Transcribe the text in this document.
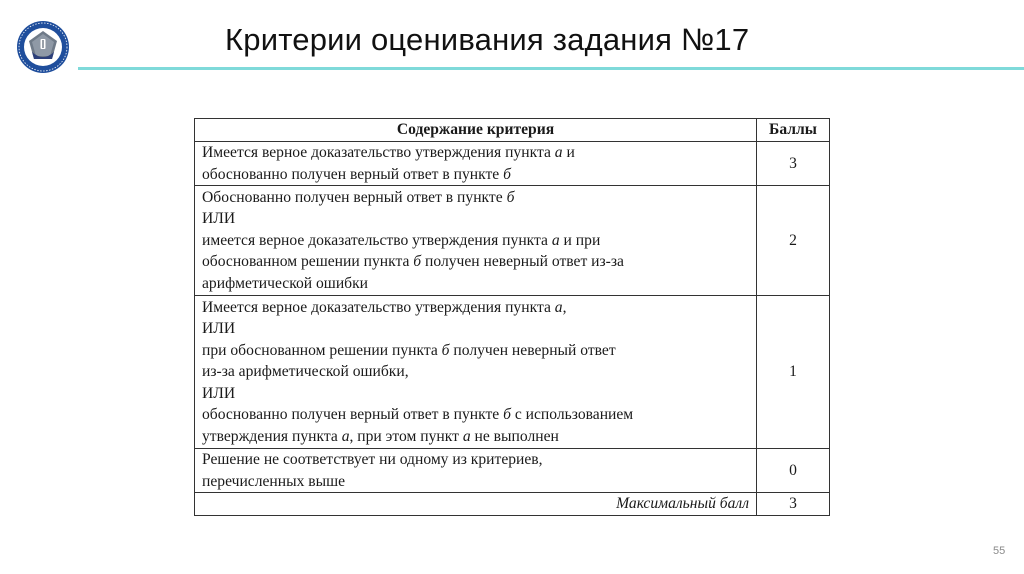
Критерии оценивания задания №17
Содержание критерия	Баллы

Имеется верное доказательство утверждения пункта а и
обоснованно получен верный ответ в пункте б	3

Обоснованно получен верный ответ в пункте б
ИЛИ
имеется верное доказательство утверждения пункта а и при
обоснованном решении пункта б получен неверный ответ из-за
арифметической ошибки	2

Имеется верное доказательство утверждения пункта а,
ИЛИ
при обоснованном решении пункта б получен неверный ответ
из-за арифметической ошибки,
ИЛИ
обоснованно получен верный ответ в пункте б с использованием
утверждения пункта а, при этом пункт а не выполнен
	1

Решение не соответствует ни одному из критериев,
перечисленных выше	0
Максимальный балл	3
55
